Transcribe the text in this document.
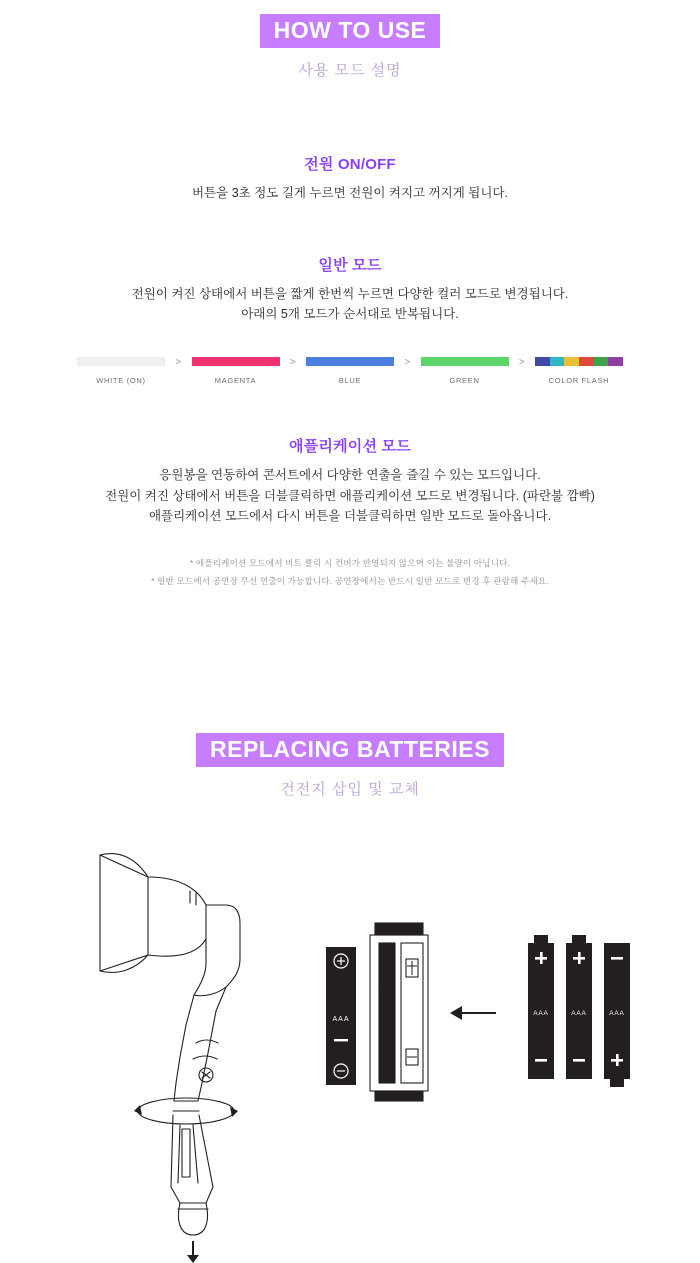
HOW TO USE
사용 모드 설명
전원 ON/OFF
버튼을 3초 정도 길게 누르면 전원이 켜지고 꺼지게 됩니다.
일반 모드
전원이 켜진 상태에서 버튼을 짧게 한번씩 누르면 다양한 컬러 모드로 변경됩니다.
아래의 5개 모드가 순서대로 반복됩니다.
WHITE (ON)
>
MAGENTA
>
BLUE
>
GREEN
>
COLOR FLASH
애플리케이션 모드
응원봉을 연동하여 콘서트에서 다양한 연출을 즐길 수 있는 모드입니다.
전원이 켜진 상태에서 버튼을 더블클릭하면 애플리케이션 모드로 변경됩니다. (파란불 깜빡)
애플리케이션 모드에서 다시 버튼을 더블클릭하면 일반 모드로 돌아옵니다.
* 애플리케이션 모드에서 비트 클릭 시 컨버가 반영되지 않으며 이는 불량이 아닙니다.
* 일반 모드에서 공연장 무선 연출이 가능합니다. 공연장에서는 반드시 일반 모드로 변경 후 관람해 주세요.
REPLACING BATTERIES
건전지 삽입 및 교체
AAA
AAA
AAA
AAA	AAA	AAA
